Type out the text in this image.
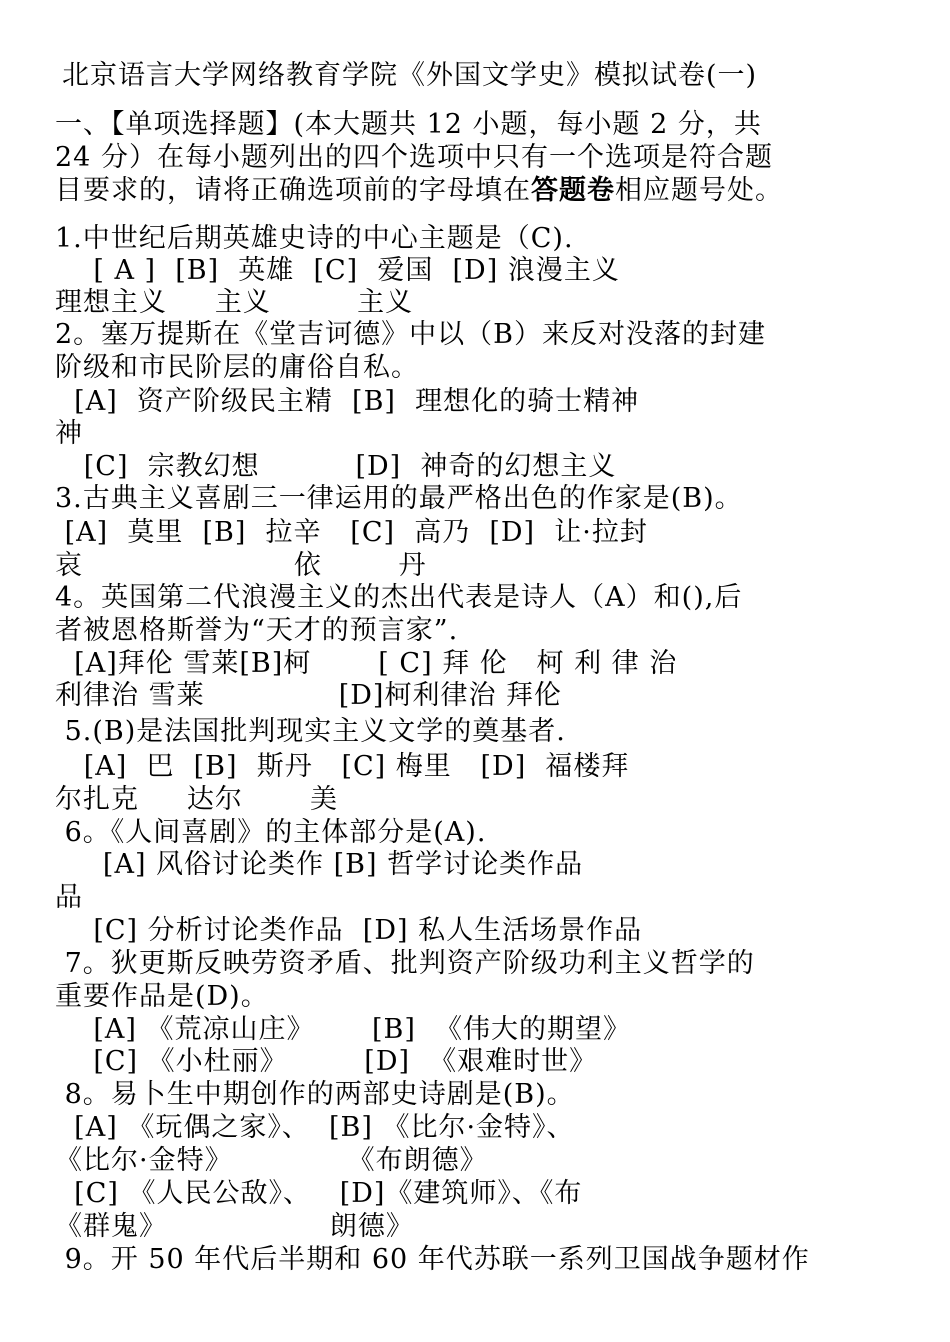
北京语言大学网络教育学院《外国文学史》模拟试卷(一)
一、【单项选择题】(本大题共 12 小题，每小题 2 分，共
24 分）在每小题列出的四个选项中只有一个选项是符合题
目要求的，请将正确选项前的字母填在答题卷相应题号处。
1.中世纪后期英雄史诗的中心主题是（C).
[ A ]  [B]  英雄  [C]  爱国  [D] 浪漫主义
理想主义     主义         主义
2。塞万提斯在《堂吉诃德》中以（B）来反对没落的封建
阶级和市民阶层的庸俗自私。
[A]  资产阶级民主精  [B]  理想化的骑士精神
神
[C]  宗教幻想          [D]  神奇的幻想主义
3.古典主义喜剧三一律运用的最严格出色的作家是(B)。
[A]  莫里  [B]  拉辛   [C]  高乃  [D]  让·拉封
哀                      依        丹
4。英国第二代浪漫主义的杰出代表是诗人（A）和(),后
者被恩格斯誉为“天才的预言家”.
[A]拜伦 雪莱[B]柯       [ C] 拜 伦   柯 利 律 治
利律治 雪莱              [D]柯利律治 拜伦
5.(B)是法国批判现实主义文学的奠基者.
[A]  巴  [B]  斯丹   [C] 梅里   [D]  福楼拜
尔扎克     达尔       美
6。《人间喜剧》的主体部分是(A).
[A] 风俗讨论类作 [B] 哲学讨论类作品
品
[C] 分析讨论类作品  [D] 私人生活场景作品
7。狄更斯反映劳资矛盾、批判资产阶级功利主义哲学的
重要作品是(D)。
[A] 《荒凉山庄》      [B]  《伟大的期望》
[C] 《小杜丽》        [D]  《艰难时世》
8。易卜生中期创作的两部史诗剧是(B)。
[A] 《玩偶之家》、  [B] 《比尔·金特》、
《比尔·金特》            《布朗德》
[C] 《人民公敌》、   [D]《建筑师》、《布
《群鬼》                 朗德》
9。开 50 年代后半期和 60 年代苏联一系列卫国战争题材作
